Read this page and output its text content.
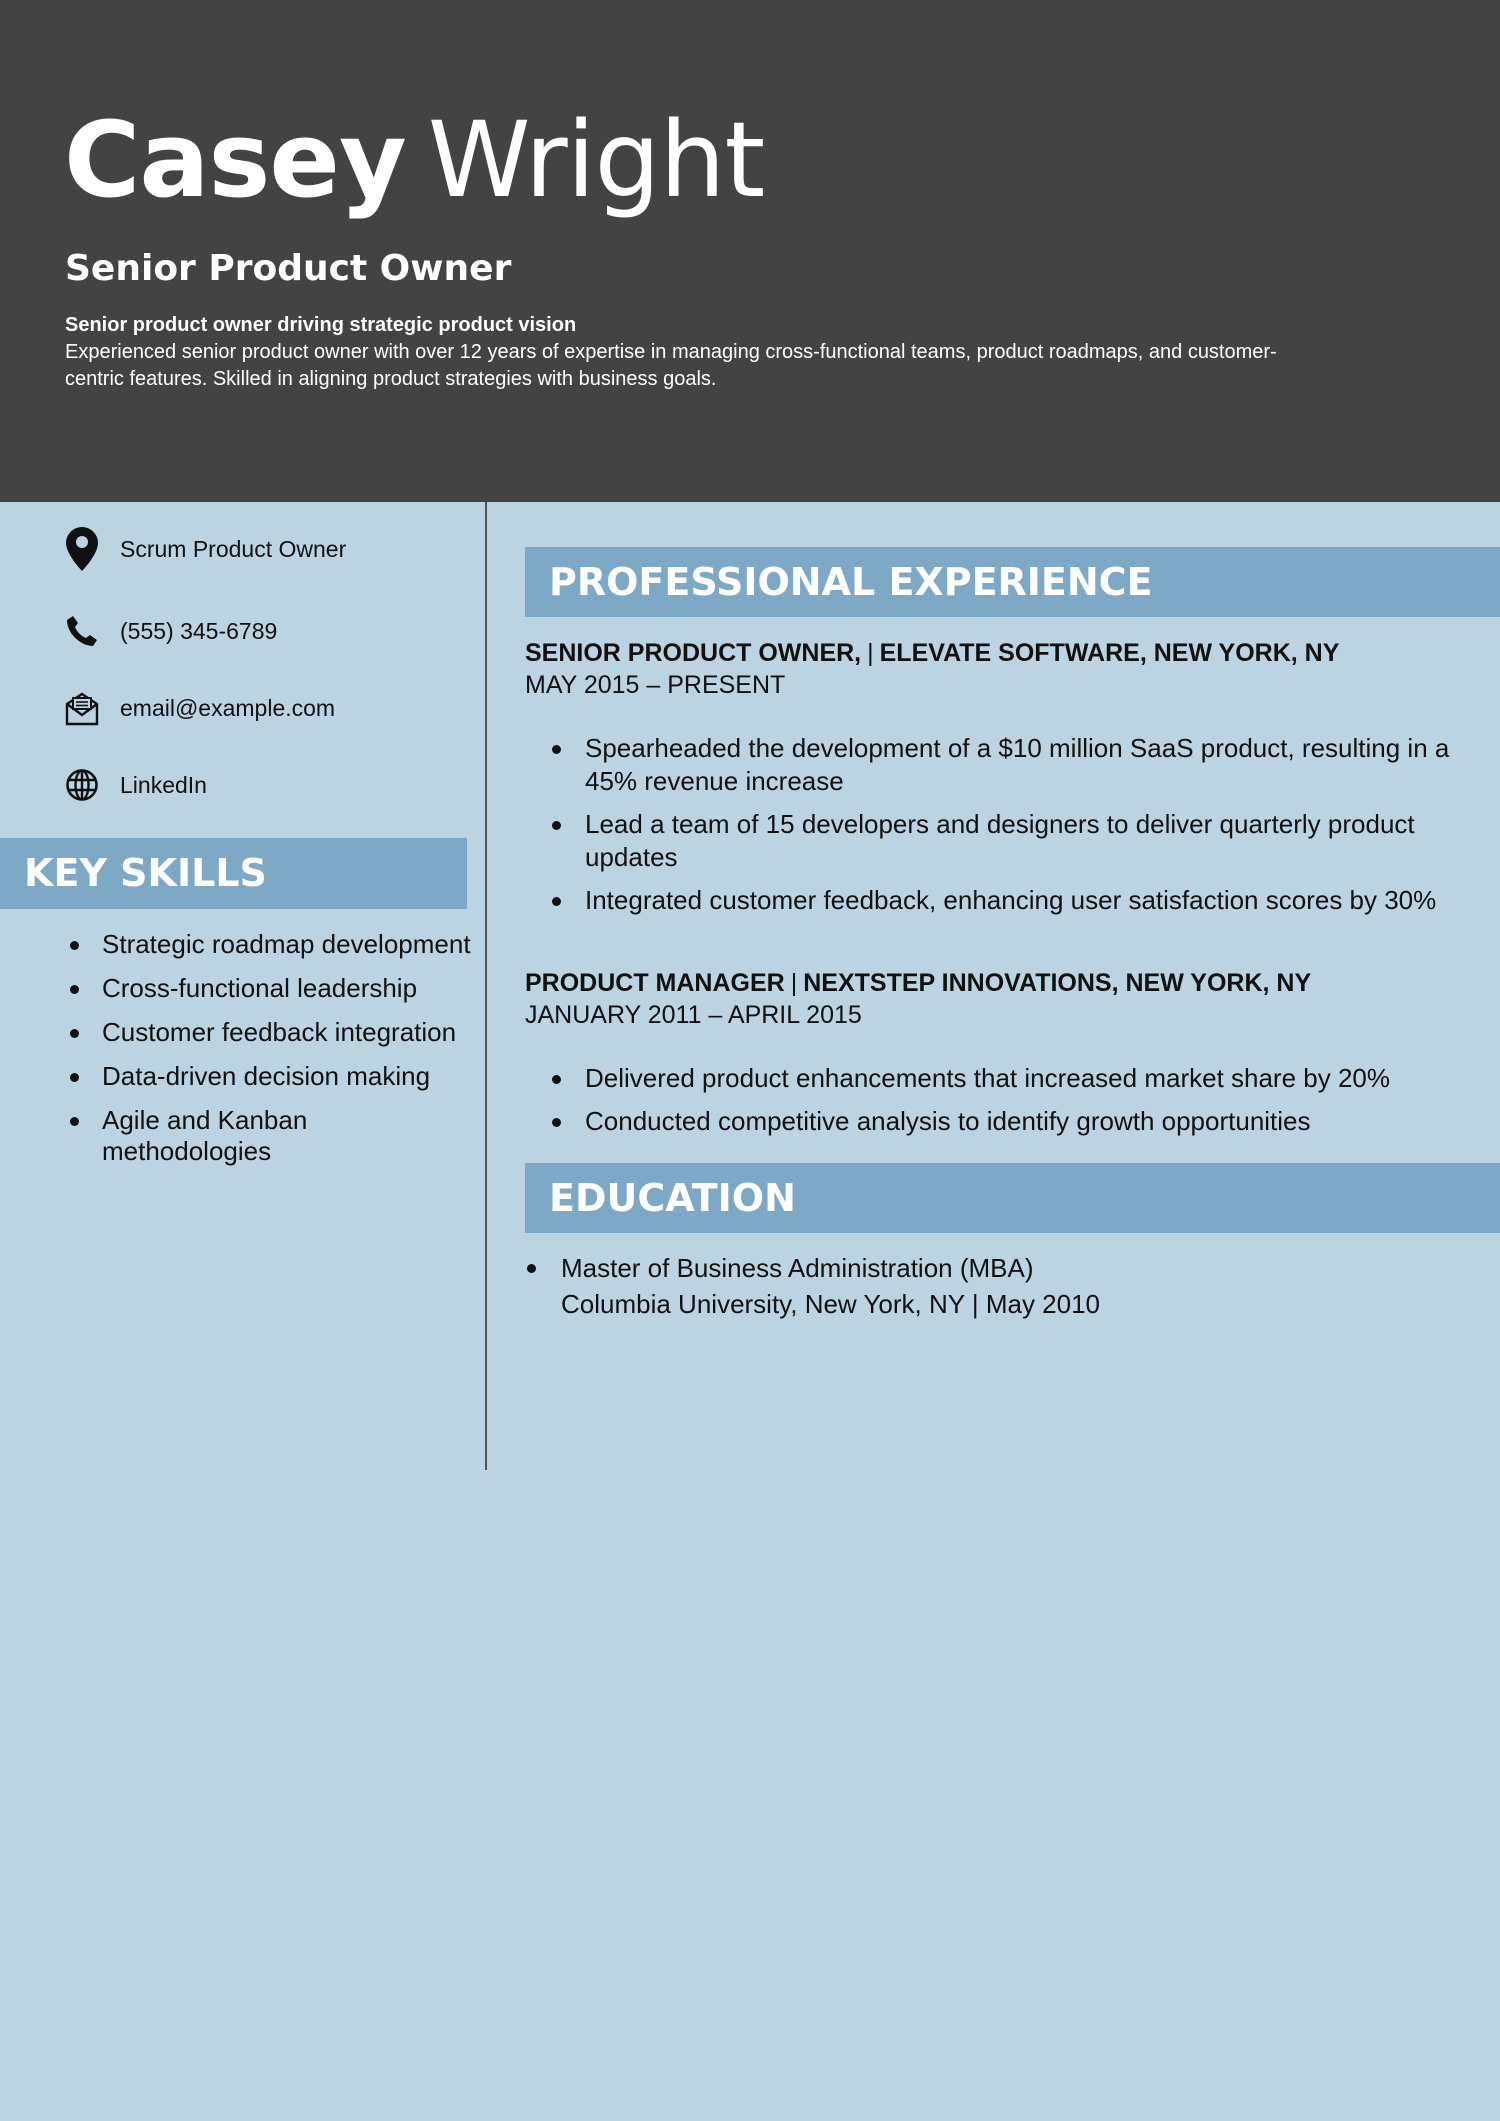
Casey Wright
Senior Product Owner
Senior product owner driving strategic product vision
Experienced senior product owner with over 12 years of expertise in managing cross-functional teams, product roadmaps, and customer-
centric features. Skilled in aligning product strategies with business goals.
Scrum Product Owner
(555) 345-6789
email@example.com
LinkedIn
KEY SKILLS
Strategic roadmap development
Cross-functional leadership
Customer feedback integration
Data-driven decision making
Agile and Kanban methodologies
PROFESSIONAL EXPERIENCE
SENIOR PRODUCT OWNER, | ELEVATE SOFTWARE, NEW YORK, NY
MAY 2015 – PRESENT
Spearheaded the development of a $10 million SaaS product, resulting in a 45% revenue increase
Lead a team of 15 developers and designers to deliver quarterly product updates
Integrated customer feedback, enhancing user satisfaction scores by 30%
PRODUCT MANAGER | NEXTSTEP INNOVATIONS, NEW YORK, NY
JANUARY 2011 – APRIL 2015
Delivered product enhancements that increased market share by 20%
Conducted competitive analysis to identify growth opportunities
EDUCATION
Master of Business Administration (MBA)
Columbia University, New York, NY | May 2010
